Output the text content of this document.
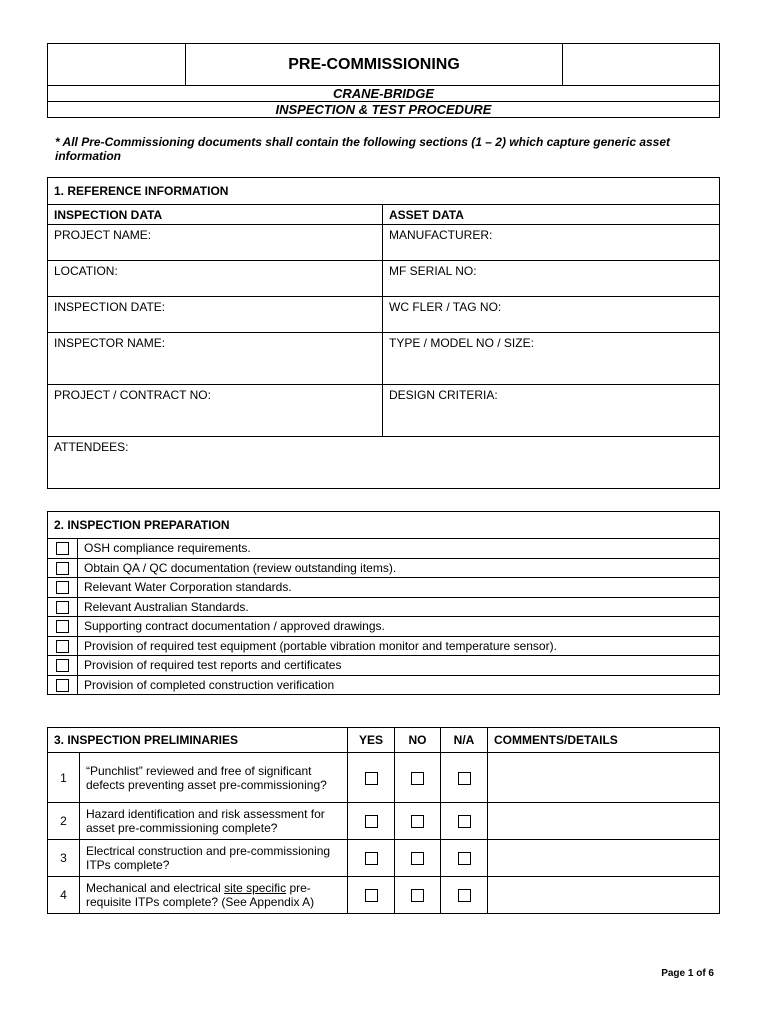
	PRE-COMMISSIONING	
CRANE-BRIDGE
INSPECTION & TEST PROCEDURE
* All Pre-Commissioning documents shall contain the following sections (1 – 2) which capture generic asset information
1. REFERENCE INFORMATION	
INSPECTION DATA	ASSET DATA
PROJECT NAME:	MANUFACTURER:
LOCATION:	MF SERIAL NO:
INSPECTION DATE:	WC FLER / TAG NO:
INSPECTOR NAME:	TYPE / MODEL NO / SIZE:
PROJECT / CONTRACT NO:	DESIGN CRITERIA:
ATTENDEES:	
2. INSPECTION PREPARATION	
	OSH compliance requirements.
	Obtain QA / QC documentation (review outstanding items).
	Relevant Water Corporation standards.
	Relevant Australian Standards.
	Supporting contract documentation / approved drawings.
	Provision of required test equipment (portable vibration monitor and temperature sensor).
	Provision of required test reports and certificates
	Provision of completed construction verification
3. INSPECTION PRELIMINARIES		YES	NO	N/A	COMMENTS/DETAILS
1	“Punchlist” reviewed and free of significant defects preventing asset pre-commissioning?				
2	Hazard identification and risk assessment for asset pre-commissioning complete?				
3	Electrical construction and pre-commissioning ITPs complete?				
4	Mechanical and electrical site specific pre-requisite ITPs complete? (See Appendix A)				
Page 1 of 6
